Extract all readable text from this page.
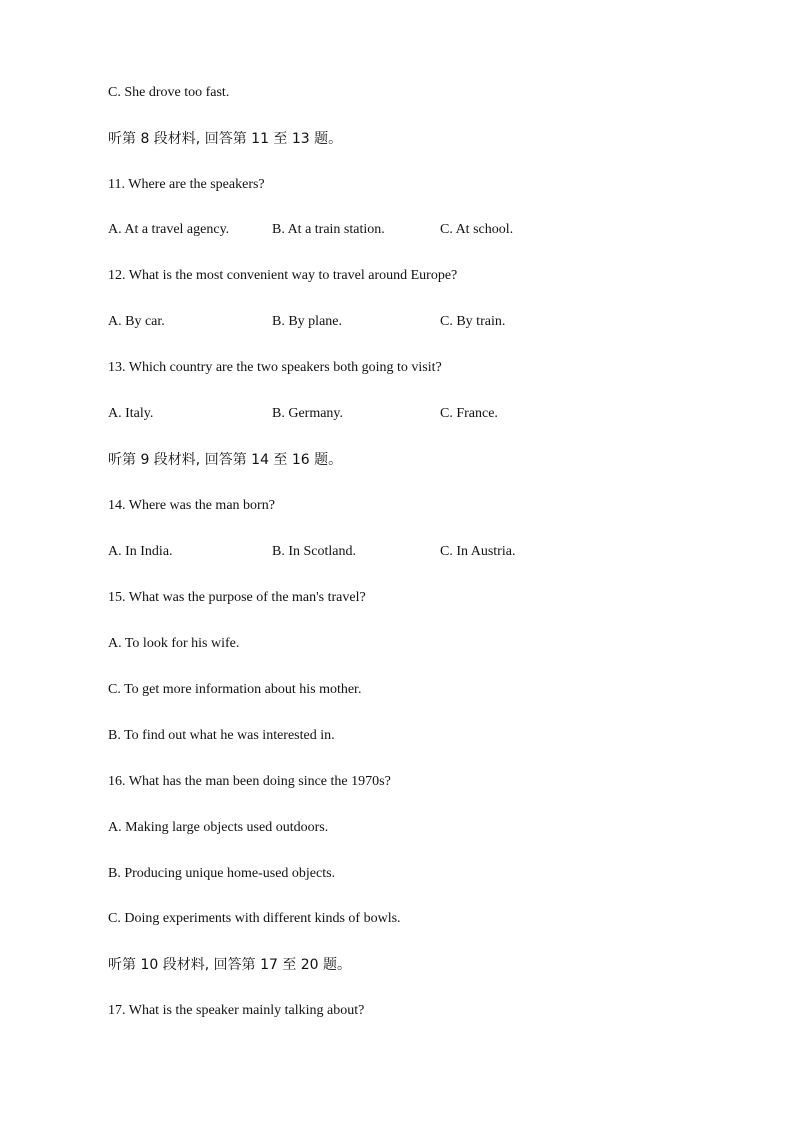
C. She drove too fast.
听第 8 段材料, 回答第 11 至 13 题。
11. Where are the speakers?
A. At a travel agency.	B. At a train station.	C. At school.
12. What is the most convenient way to travel around Europe?
A. By car.	B. By plane.	C. By train.
13. Which country are the two speakers both going to visit?
A. Italy.	B. Germany.	C. France.
听第 9 段材料, 回答第 14 至 16 题。
14. Where was the man born?
A. In India.	B. In Scotland.	C. In Austria.
15. What was the purpose of the man's travel?
A. To look for his wife.
C. To get more information about his mother.
B. To find out what he was interested in.
16. What has the man been doing since the 1970s?
A. Making large objects used outdoors.
B. Producing unique home-used objects.
C. Doing experiments with different kinds of bowls.
听第 10 段材料, 回答第 17 至 20 题。
17. What is the speaker mainly talking about?
